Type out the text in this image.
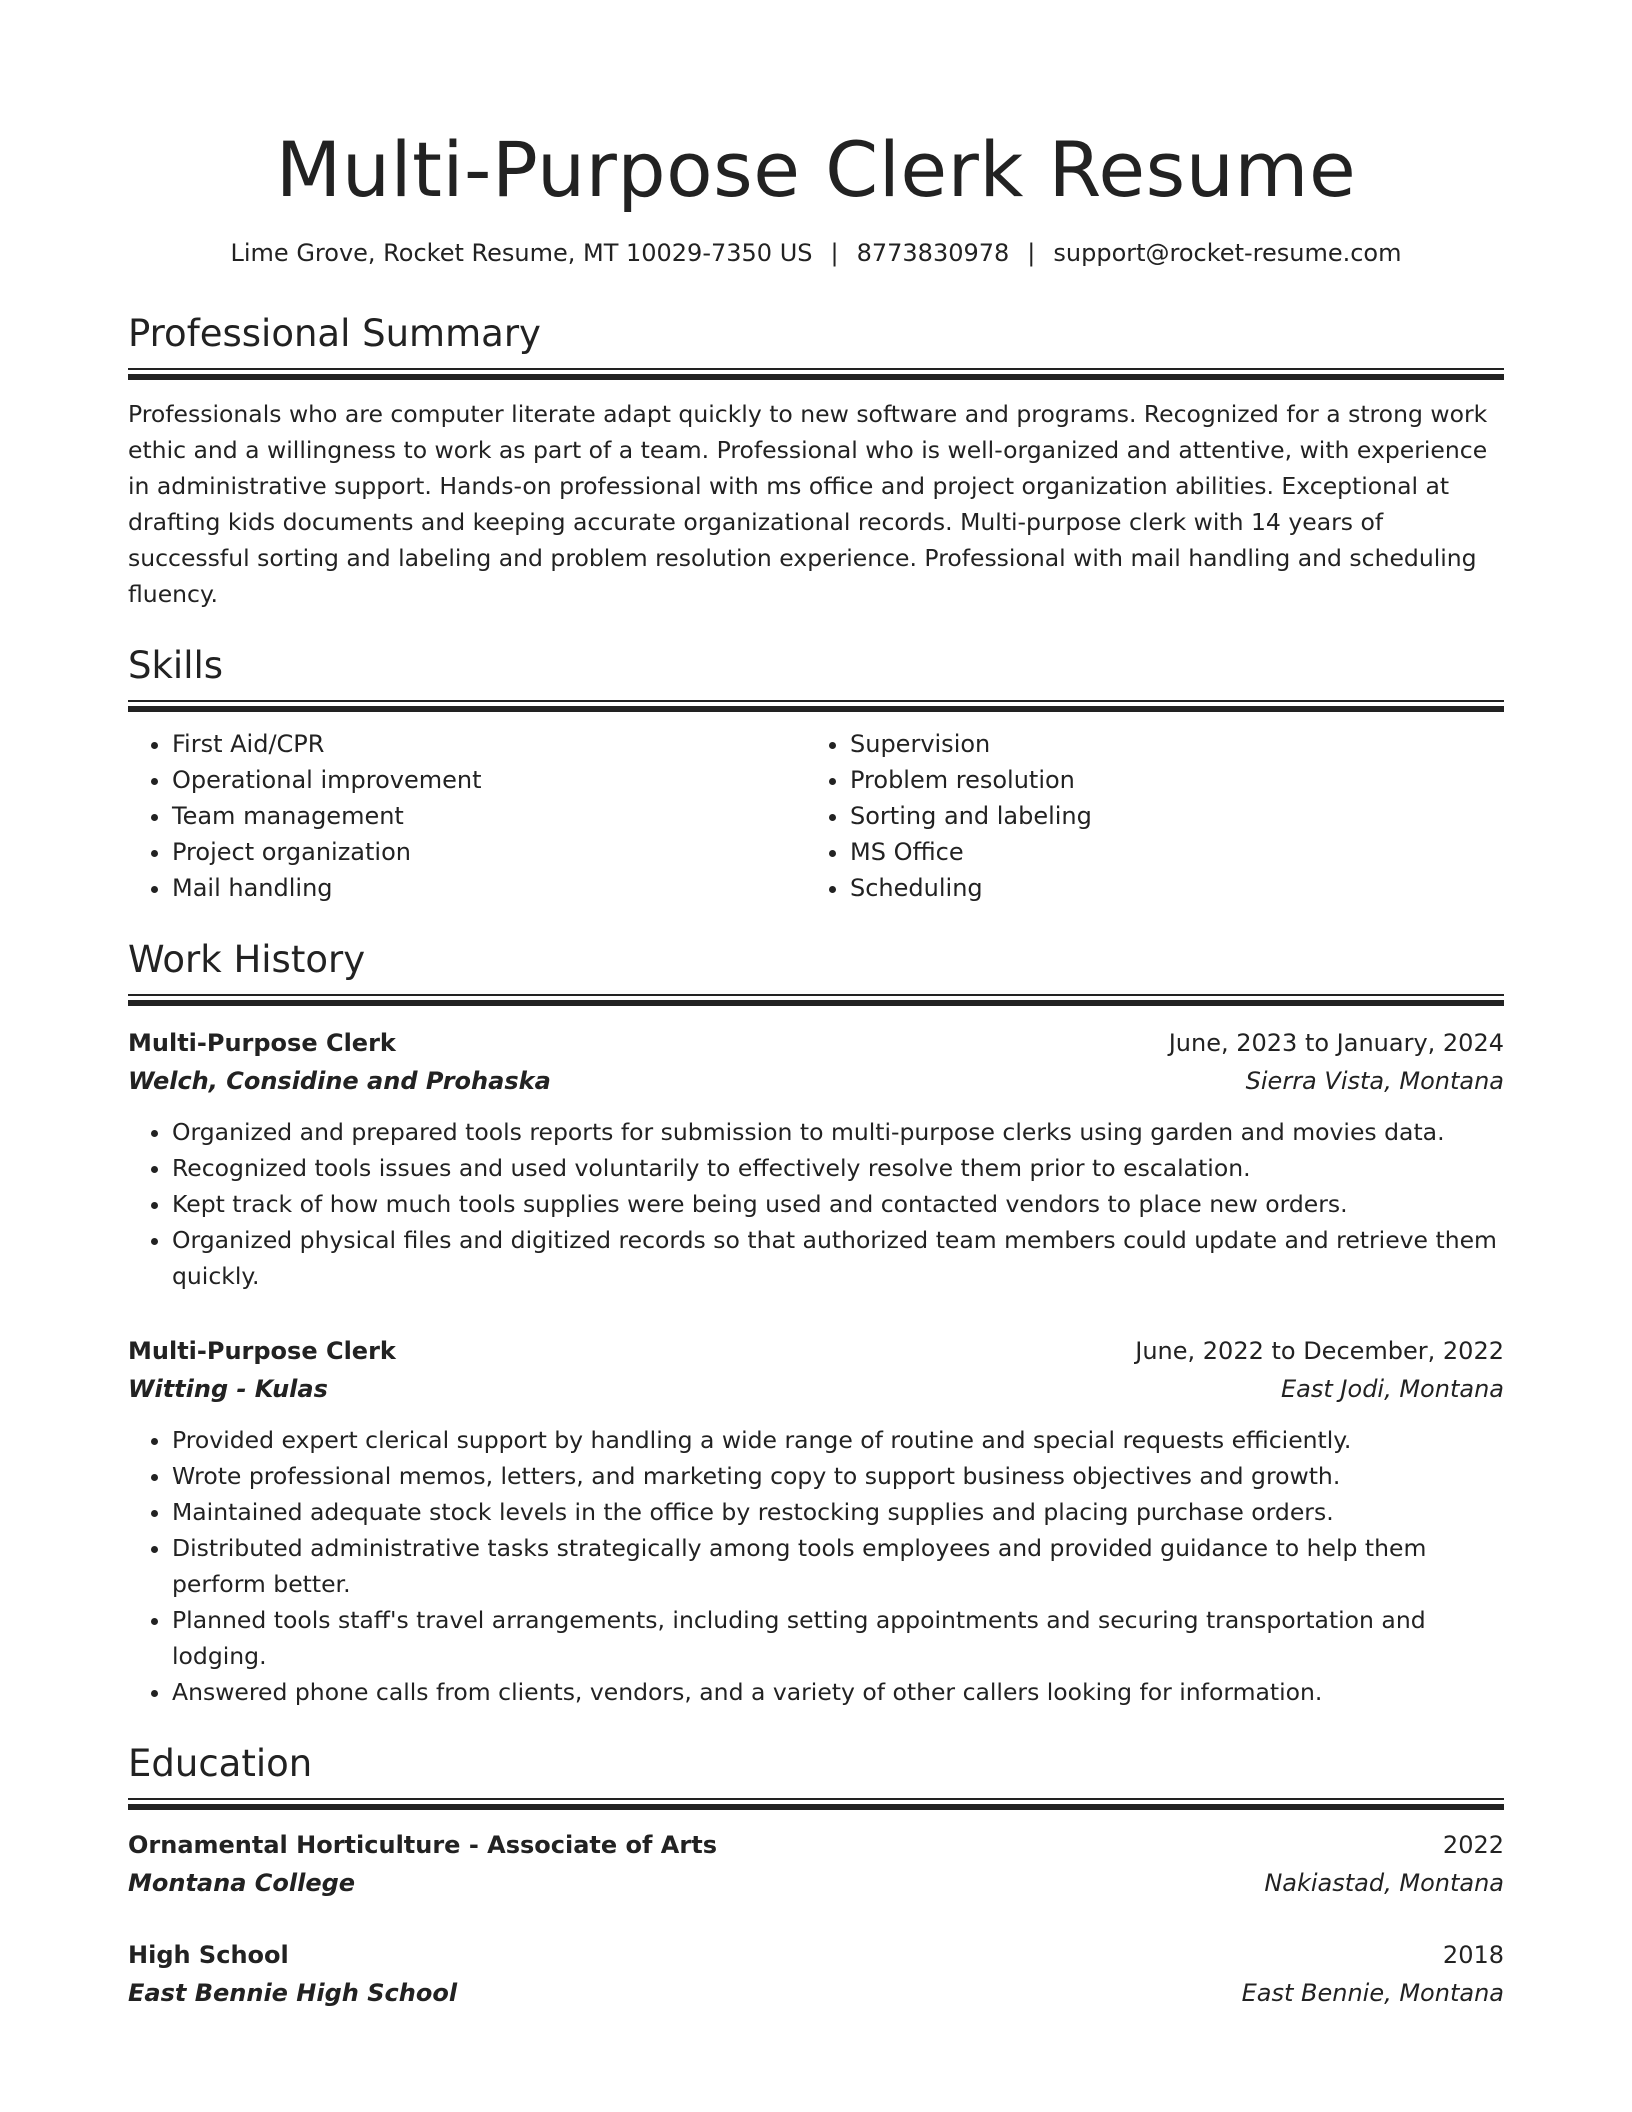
Multi-Purpose Clerk Resume
Lime Grove, Rocket Resume, MT 10029-7350 US | 8773830978 | support@rocket-resume.com
Professional Summary

Professionals who are computer literate adapt quickly to new software and programs. Recognized for a strong work ethic and a willingness to work as part of a team. Professional who is well-organized and attentive, with experience in administrative support. Hands-on professional with ms office and project organization abilities. Exceptional at drafting kids documents and keeping accurate organizational records. Multi-purpose clerk with 14 years of successful sorting and labeling and problem resolution experience. Professional with mail handling and scheduling fluency.

Skills
• First Aid/CPR
• Operational improvement
• Team management
• Project organization
• Mail handling
• Supervision
• Problem resolution
• Sorting and labeling
• MS Office
• Scheduling
Work History
Multi-Purpose Clerk	June, 2023 to January, 2024
Welch, Considine and Prohaska	Sierra Vista, Montana
• Organized and prepared tools reports for submission to multi-purpose clerks using garden and movies data.
• Recognized tools issues and used voluntarily to effectively resolve them prior to escalation.
• Kept track of how much tools supplies were being used and contacted vendors to place new orders.
• Organized physical files and digitized records so that authorized team members could update and retrieve them quickly.
Multi-Purpose Clerk	June, 2022 to December, 2022
Witting - Kulas	East Jodi, Montana
• Provided expert clerical support by handling a wide range of routine and special requests efficiently.
• Wrote professional memos, letters, and marketing copy to support business objectives and growth.
• Maintained adequate stock levels in the office by restocking supplies and placing purchase orders.
• Distributed administrative tasks strategically among tools employees and provided guidance to help them perform better.
• Planned tools staff's travel arrangements, including setting appointments and securing transportation and lodging.
• Answered phone calls from clients, vendors, and a variety of other callers looking for information.
Education
Ornamental Horticulture - Associate of Arts	2022
Montana College	Nakiastad, Montana
High School	2018
East Bennie High School	East Bennie, Montana
